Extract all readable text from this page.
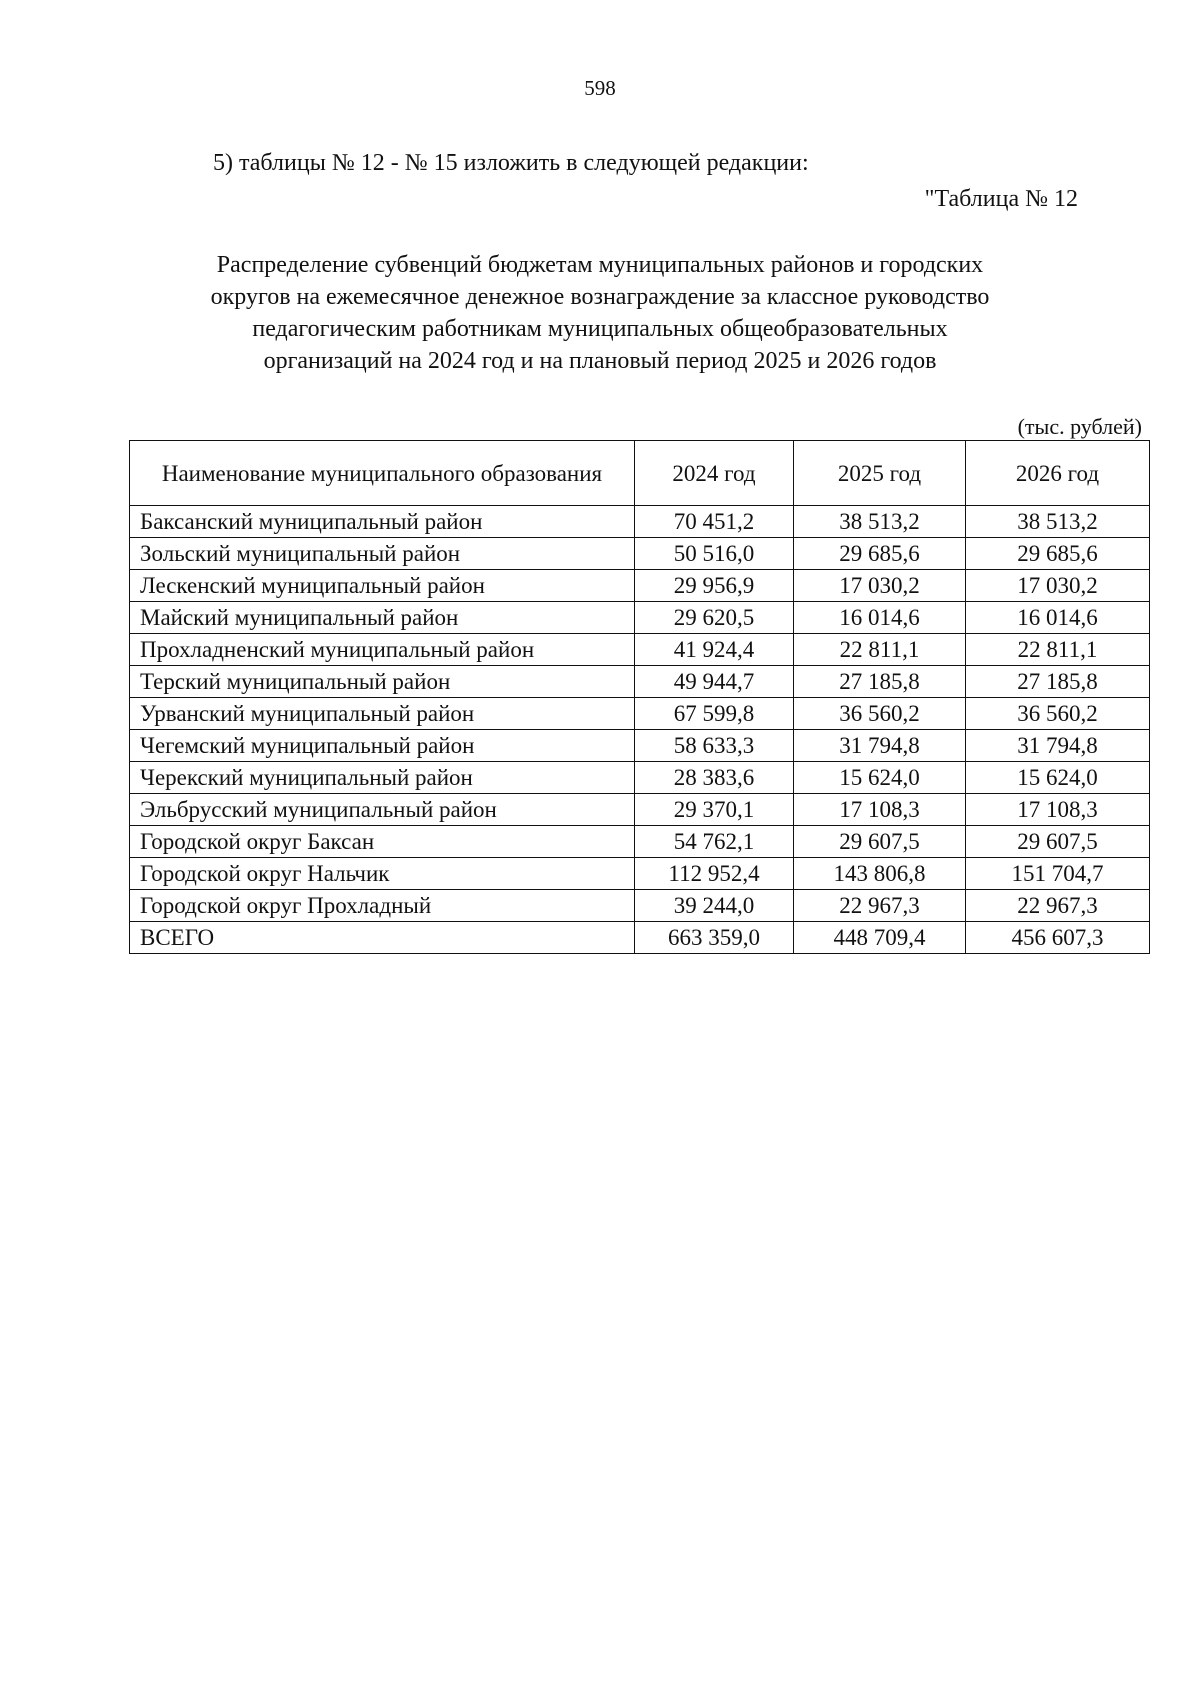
598
5) таблицы № 12 - № 15 изложить в следующей редакции:
"Таблица № 12
Распределение субвенций бюджетам муниципальных районов и городских
округов на ежемесячное денежное вознаграждение за классное руководство
педагогическим работникам муниципальных общеобразовательных
организаций на 2024 год и на плановый период 2025 и 2026 годов
(тыс. рублей)
Наименование муниципального образования	2024 год	2025 год	2026 год
Баксанский муниципальный район	70 451,2	38 513,2	38 513,2
Зольский муниципальный район	50 516,0	29 685,6	29 685,6
Лескенский муниципальный район	29 956,9	17 030,2	17 030,2
Майский муниципальный район	29 620,5	16 014,6	16 014,6
Прохладненский муниципальный район	41 924,4	22 811,1	22 811,1
Терский муниципальный район	49 944,7	27 185,8	27 185,8
Урванский муниципальный район	67 599,8	36 560,2	36 560,2
Чегемский муниципальный район	58 633,3	31 794,8	31 794,8
Черекский муниципальный район	28 383,6	15 624,0	15 624,0
Эльбрусский муниципальный район	29 370,1	17 108,3	17 108,3
Городской округ Баксан	54 762,1	29 607,5	29 607,5
Городской округ Нальчик	112 952,4	143 806,8	151 704,7
Городской округ Прохладный	39 244,0	22 967,3	22 967,3
ВСЕГО	663 359,0	448 709,4	456 607,3
